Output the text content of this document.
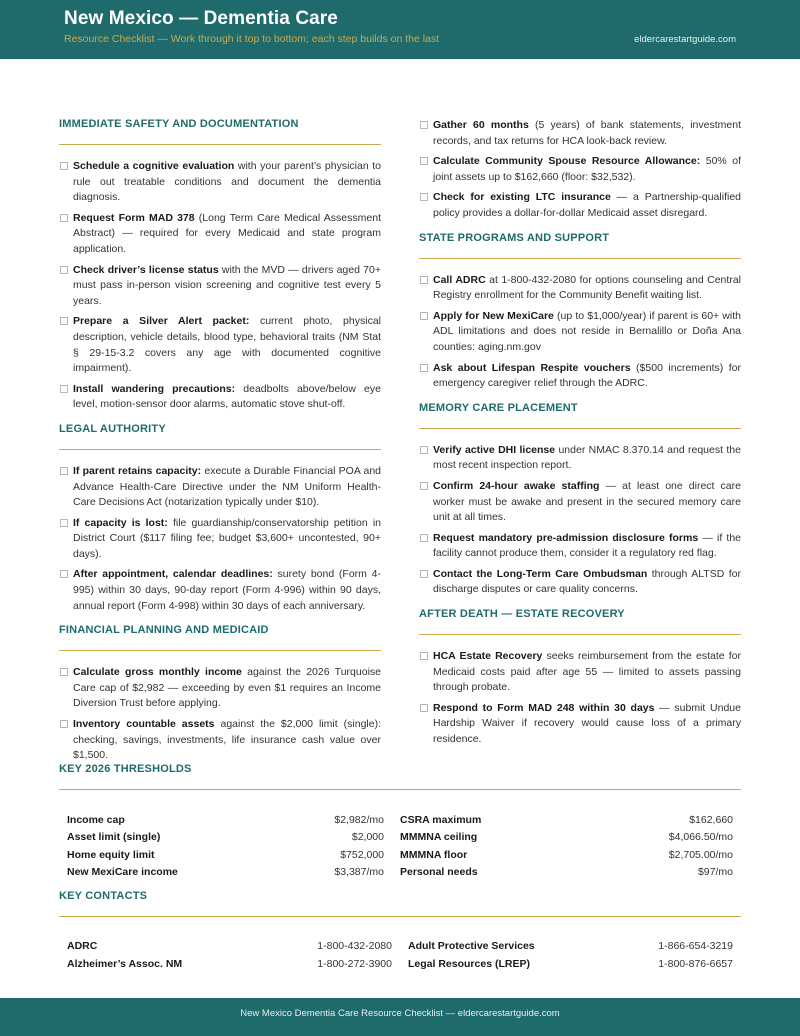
New Mexico — Dementia Care
Resource Checklist — Work through it top to bottom; each step builds on the last	eldercarestartguide.com
IMMEDIATE SAFETY AND DOCUMENTATION
Schedule a cognitive evaluation with your parent’s physician to rule out treatable conditions and document the dementia diagnosis.
Request Form MAD 378 (Long Term Care Medical Assessment Abstract) — required for every Medicaid and state program application.
Check driver’s license status with the MVD — drivers aged 70+ must pass in-person vision screening and cognitive test every 5 years.
Prepare a Silver Alert packet: current photo, physical description, vehicle details, blood type, behavioral traits (NM Stat § 29-15-3.2 covers any age with documented cognitive impairment).
Install wandering precautions: deadbolts above/below eye level, motion-sensor door alarms, automatic stove shut-off.
LEGAL AUTHORITY
If parent retains capacity: execute a Durable Financial POA and Advance Health-Care Directive under the NM Uniform Health-Care Decisions Act (notarization typically under $10).
If capacity is lost: file guardianship/conservatorship petition in District Court ($117 filing fee; budget $3,600+ uncontested, 90+ days).
After appointment, calendar deadlines: surety bond (Form 4-995) within 30 days, 90-day report (Form 4-996) within 90 days, annual report (Form 4-998) within 30 days of each anniversary.
FINANCIAL PLANNING AND MEDICAID
Calculate gross monthly income against the 2026 Turquoise Care cap of $2,982 — exceeding by even $1 requires an Income Diversion Trust before applying.
Inventory countable assets against the $2,000 limit (single): checking, savings, investments, life insurance cash value over $1,500.
Gather 60 months (5 years) of bank statements, investment records, and tax returns for HCA look-back review.
Calculate Community Spouse Resource Allowance: 50% of joint assets up to $162,660 (floor: $32,532).
Check for existing LTC insurance — a Partnership-qualified policy provides a dollar-for-dollar Medicaid asset disregard.
STATE PROGRAMS AND SUPPORT
Call ADRC at 1-800-432-2080 for options counseling and Central Registry enrollment for the Community Benefit waiting list.
Apply for New MexiCare (up to $1,000/year) if parent is 60+ with ADL limitations and does not reside in Bernalillo or Doña Ana counties: aging.nm.gov
Ask about Lifespan Respite vouchers ($500 increments) for emergency caregiver relief through the ADRC.
MEMORY CARE PLACEMENT
Verify active DHI license under NMAC 8.370.14 and request the most recent inspection report.
Confirm 24-hour awake staffing — at least one direct care worker must be awake and present in the secured memory care unit at all times.
Request mandatory pre-admission disclosure forms — if the facility cannot produce them, consider it a regulatory red flag.
Contact the Long-Term Care Ombudsman through ALTSD for discharge disputes or care quality concerns.
AFTER DEATH — ESTATE RECOVERY
HCA Estate Recovery seeks reimbursement from the estate for Medicaid costs paid after age 55 — limited to assets passing through probate.
Respond to Form MAD 248 within 30 days — submit Undue Hardship Waiver if recovery would cause loss of a primary residence.
KEY 2026 THRESHOLDS
Income cap	$2,982/mo	CSRA maximum	$162,660
Asset limit (single)	$2,000	MMMNA ceiling	$4,066.50/mo
Home equity limit	$752,000	MMMNA floor	$2,705.00/mo
New MexiCare income	$3,387/mo	Personal needs	$97/mo
KEY CONTACTS
ADRC	1-800-432-2080	Adult Protective Services	1-866-654-3219
Alzheimer’s Assoc. NM	1-800-272-3900	Legal Resources (LREP)	1-800-876-6657
New Mexico Dementia Care Resource Checklist — eldercarestartguide.com
